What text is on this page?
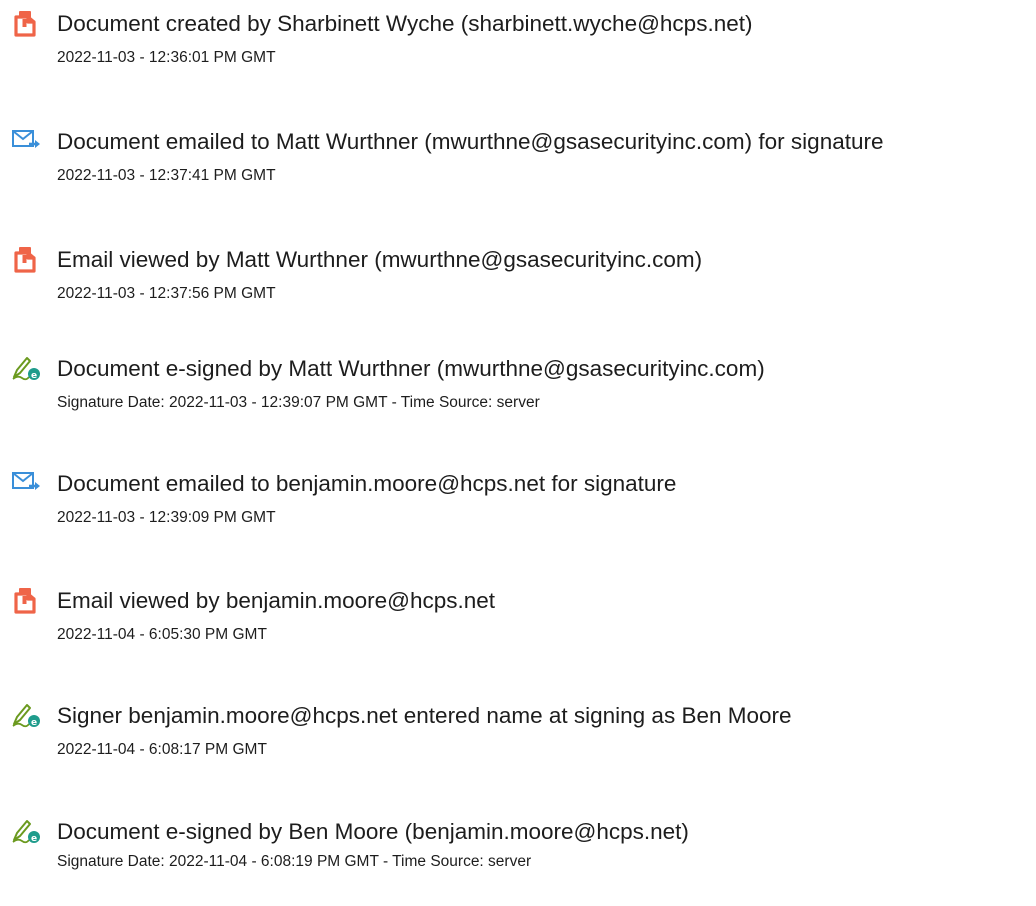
Document created by Sharbinett Wyche (sharbinett.wyche@hcps.net)
2022-11-03 - 12:36:01 PM GMT
Document emailed to Matt Wurthner (mwurthne@gsasecurityinc.com) for signature
2022-11-03 - 12:37:41 PM GMT
Email viewed by Matt Wurthner (mwurthne@gsasecurityinc.com)
2022-11-03 - 12:37:56 PM GMT
e Document e-signed by Matt Wurthner (mwurthne@gsasecurityinc.com)
Signature Date: 2022-11-03 - 12:39:07 PM GMT - Time Source: server
Document emailed to benjamin.moore@hcps.net for signature
2022-11-03 - 12:39:09 PM GMT
Email viewed by benjamin.moore@hcps.net
2022-11-04 - 6:05:30 PM GMT
e Signer benjamin.moore@hcps.net entered name at signing as Ben Moore
2022-11-04 - 6:08:17 PM GMT
e Document e-signed by Ben Moore (benjamin.moore@hcps.net)
Signature Date: 2022-11-04 - 6:08:19 PM GMT - Time Source: server
